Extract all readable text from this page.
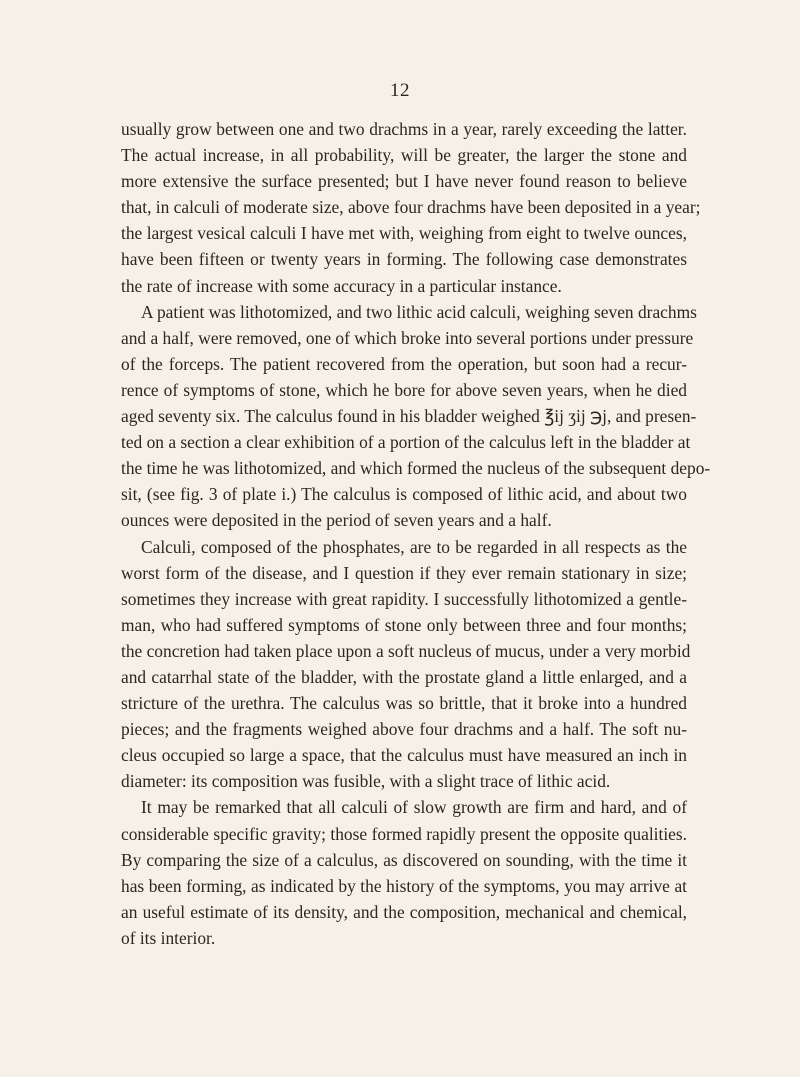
12
usually grow between one and two drachms in a year, rarely exceeding the latter.
The actual increase, in all probability, will be greater, the larger the stone and
more extensive the surface presented; but I have never found reason to believe
that, in calculi of moderate size, above four drachms have been deposited in a year;
the largest vesical calculi I have met with, weighing from eight to twelve ounces,
have been fifteen or twenty years in forming. The following case demonstrates
the rate of increase with some accuracy in a particular instance.
A patient was lithotomized, and two lithic acid calculi, weighing seven drachms
and a half, were removed, one of which broke into several portions under pressure
of the forceps. The patient recovered from the operation, but soon had a recur-
rence of symptoms of stone, which he bore for above seven years, when he died
aged seventy six. The calculus found in his bladder weighed ℥ij ʒij ℈j, and presen-
ted on a section a clear exhibition of a portion of the calculus left in the bladder at
the time he was lithotomized, and which formed the nucleus of the subsequent depo-
sit, (see fig. 3 of plate i.) The calculus is composed of lithic acid, and about two
ounces were deposited in the period of seven years and a half.
Calculi, composed of the phosphates, are to be regarded in all respects as the
worst form of the disease, and I question if they ever remain stationary in size;
sometimes they increase with great rapidity. I successfully lithotomized a gentle-
man, who had suffered symptoms of stone only between three and four months;
the concretion had taken place upon a soft nucleus of mucus, under a very morbid
and catarrhal state of the bladder, with the prostate gland a little enlarged, and a
stricture of the urethra. The calculus was so brittle, that it broke into a hundred
pieces; and the fragments weighed above four drachms and a half. The soft nu-
cleus occupied so large a space, that the calculus must have measured an inch in
diameter: its composition was fusible, with a slight trace of lithic acid.
It may be remarked that all calculi of slow growth are firm and hard, and of
considerable specific gravity; those formed rapidly present the opposite qualities.
By comparing the size of a calculus, as discovered on sounding, with the time it
has been forming, as indicated by the history of the symptoms, you may arrive at
an useful estimate of its density, and the composition, mechanical and chemical,
of its interior.
